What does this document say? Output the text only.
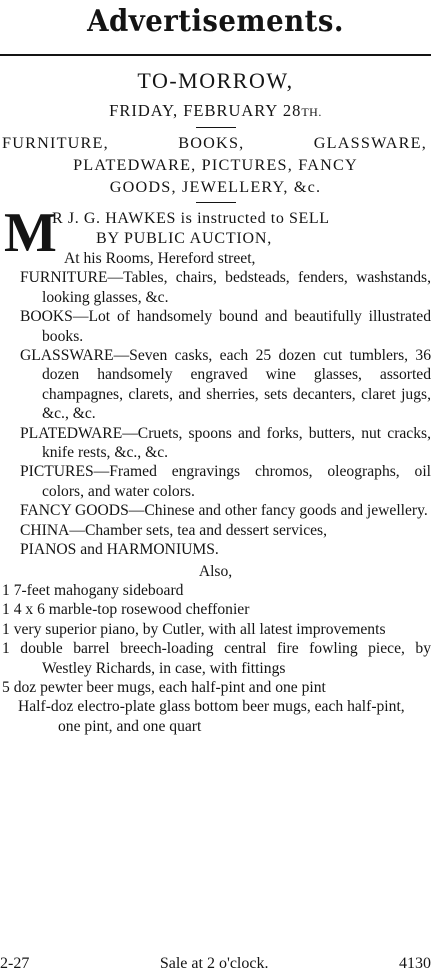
Advertisements.
TO-MORROW,
FRIDAY, FEBRUARY 28TH.
FURNITURE,	BOOKS,	GLASSWARE,
PLATEDWARE, PICTURES, FANCY
GOODS, JEWELLERY, &c.
M
R J. G. HAWKES is instructed to SELL
BY PUBLIC AUCTION,
At his Rooms, Hereford street,
FURNITURE—Tables, chairs, bedsteads, fenders, washstands, looking glasses, &c.
BOOKS—Lot of handsomely bound and beautifully illustrated books.
GLASSWARE—Seven casks, each 25 dozen cut tumblers, 36 dozen handsomely engraved wine glasses, assorted champagnes, clarets, and sherries, sets decanters, claret jugs, &c., &c.
PLATEDWARE—Cruets, spoons and forks, butters, nut cracks, knife rests, &c., &c.
PICTURES—Framed engravings chromos, oleographs, oil colors, and water colors.
FANCY GOODS—Chinese and other fancy goods and jewellery.
CHINA—Chamber sets, tea and dessert services,
PIANOS and HARMONIUMS.
Also,
1 7-feet mahogany sideboard
1 4 x 6 marble-top rosewood cheffonier
1 very superior piano, by Cutler, with all latest improvements
1 double barrel breech-loading central fire fowling piece, by Westley Richards, in case, with fittings
5 doz pewter beer mugs, each half-pint and one pint
Half-doz electro-plate glass bottom beer mugs, each half-pint, one pint, and one quart
2-27	Sale at 2 o'clock.	4130
